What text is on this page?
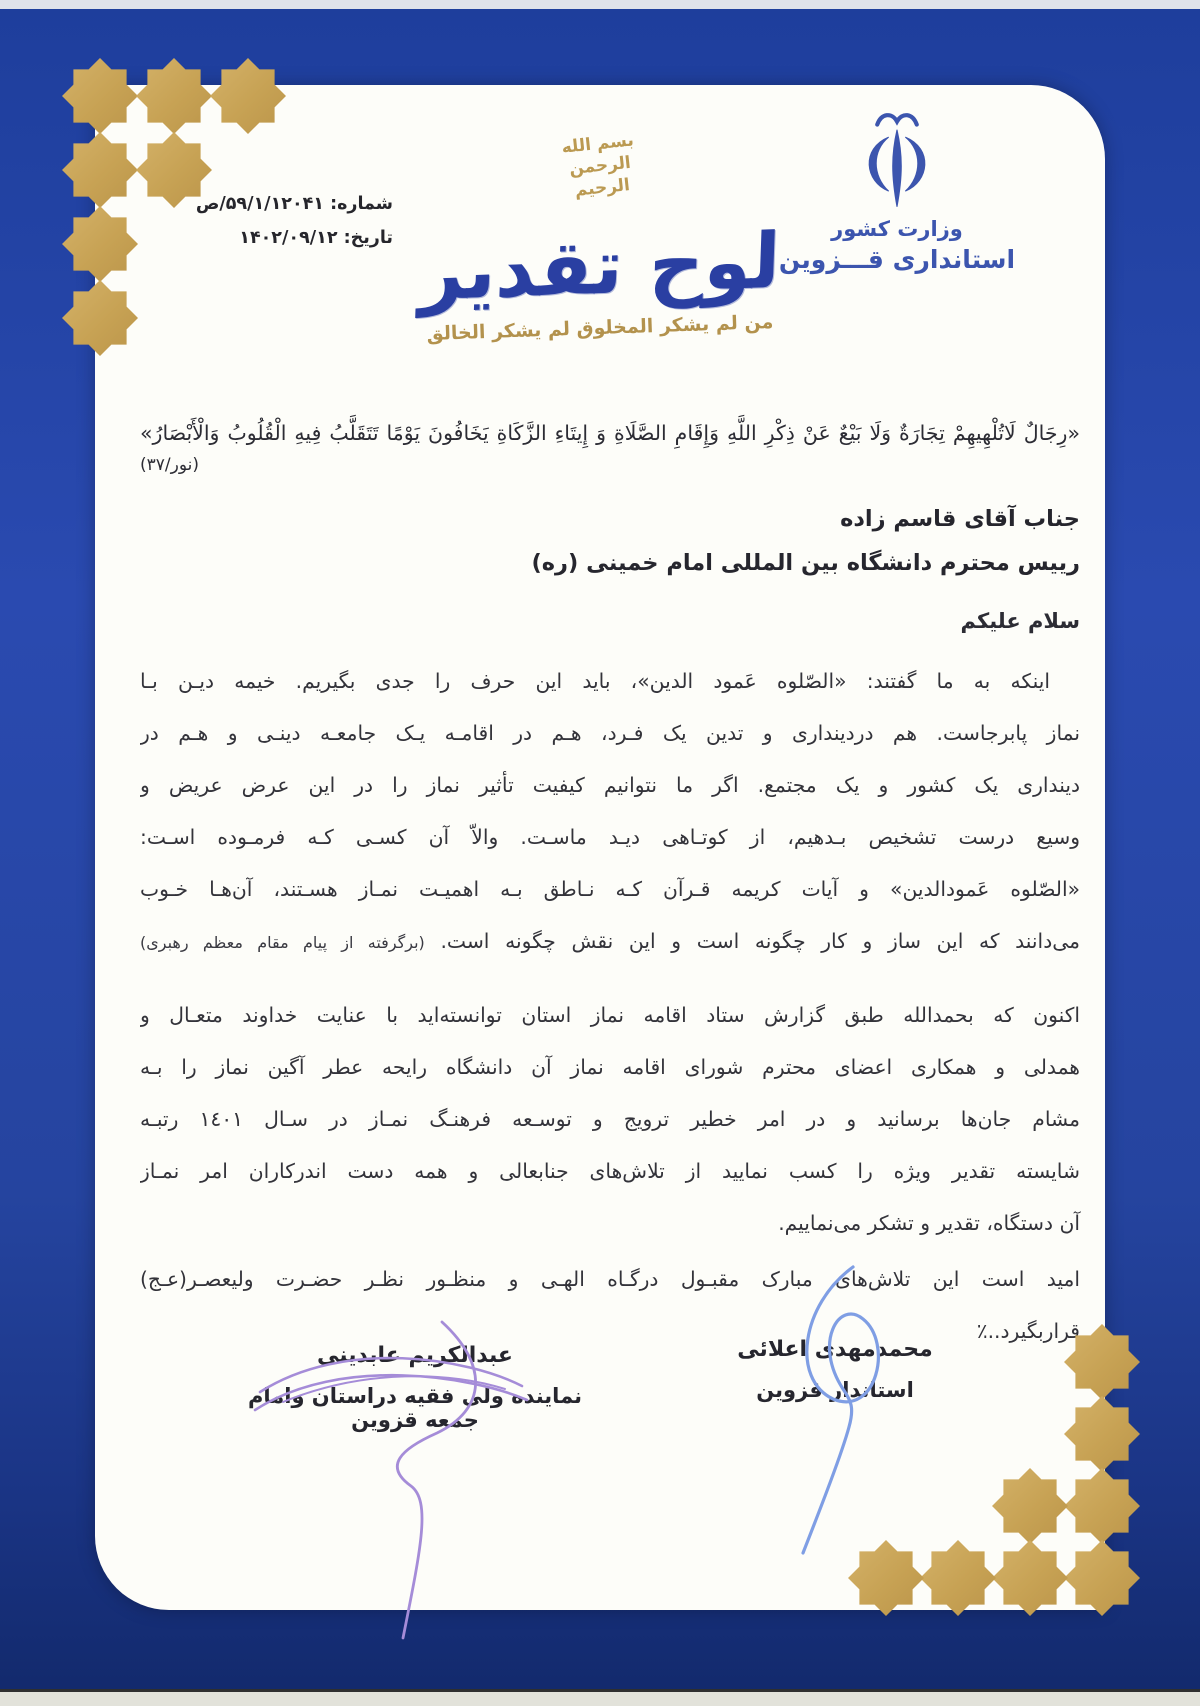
شماره: ۵۹/۱/۱۲۰۴۱/ص
تاریخ: ۱۴۰۲/۰۹/۱۲	وزارت کشور
استانداری قـــزوین
بسم الله الرحمن الرحیم
لوح تقدیر
من لم یشکر المخلوق لم یشکر الخالق
«رِجَالٌ لَاتُلْهِيهِمْ تِجَارَةٌ وَلَا بَيْعٌ عَنْ ذِكْرِ اللَّهِ وَإِقَامِ الصَّلَاةِ وَ إِيتَاءِ الزَّكَاةِ يَخَافُونَ يَوْمًا تَتَقَلَّبُ فِيهِ الْقُلُوبُ وَالْأَبْصَارُ»
(نور/۳۷)
جناب آقای قاسم زاده
رییس محترم دانشگاه بین المللی امام خمینی (ره)
سلام علیکم
اینکه به ما گفتند: «الصّلوه عَمود الدین»، باید این حرف را جدی بگیریم. خیمه دیـن بـا
نماز پابرجاست. هم دردینداری و تدین یک فـرد، هـم در اقامـه یـک جامعـه دینـی و هـم در
دینداری یک کشور و یک مجتمع. اگر ما نتوانیم کیفیت تأثیر نماز را در این عرض عریض و
وسیع درست تشخیص بـدهیم، از کوتـاهی دیـد ماسـت. والاّ آن کسـی کـه فرمـوده اسـت:
«الصّلوه عَمودالدین» و آیات کریمه قـرآن کـه نـاطق بـه اهمیـت نمـاز هسـتند، آن‌هـا خـوب
می‌دانند که این ساز و کار چگونه است و این نقش چگونه است. (برگرفته از پیام مقام معظم رهبری)
اکنون که بحمدالله طبق گزارش ستاد اقامه نماز استان توانسته‌اید با عنایت خداوند متعـال و
همدلی و همکاری اعضای محترم شورای اقامه نماز آن دانشگاه رایحه عطر آگین نماز را بـه
مشام جان‌ها برسانید و در امر خطیر ترویج و توسـعه فرهنـگ نمـاز در سـال ۱٤۰۱ رتبـه
شایسته تقدیر ویژه را کسب نمایید از تلاش‌های جنابعالی و همه دست اندرکاران امر نمـاز
آن دستگاه، تقدیر و تشکر می‌نماییم.
امید است این تلاش‌های مبارک مقبـول درگـاه الهـی و منظـور نظـر حضـرت ولیعصـر(عـج)
قراربگیرد..٪
محمدمهدی اعلائی
استاندار قزوین
عبدالکریم عابدینی
نماینده ولی فقیه دراستان وامام جمعه قزوین
